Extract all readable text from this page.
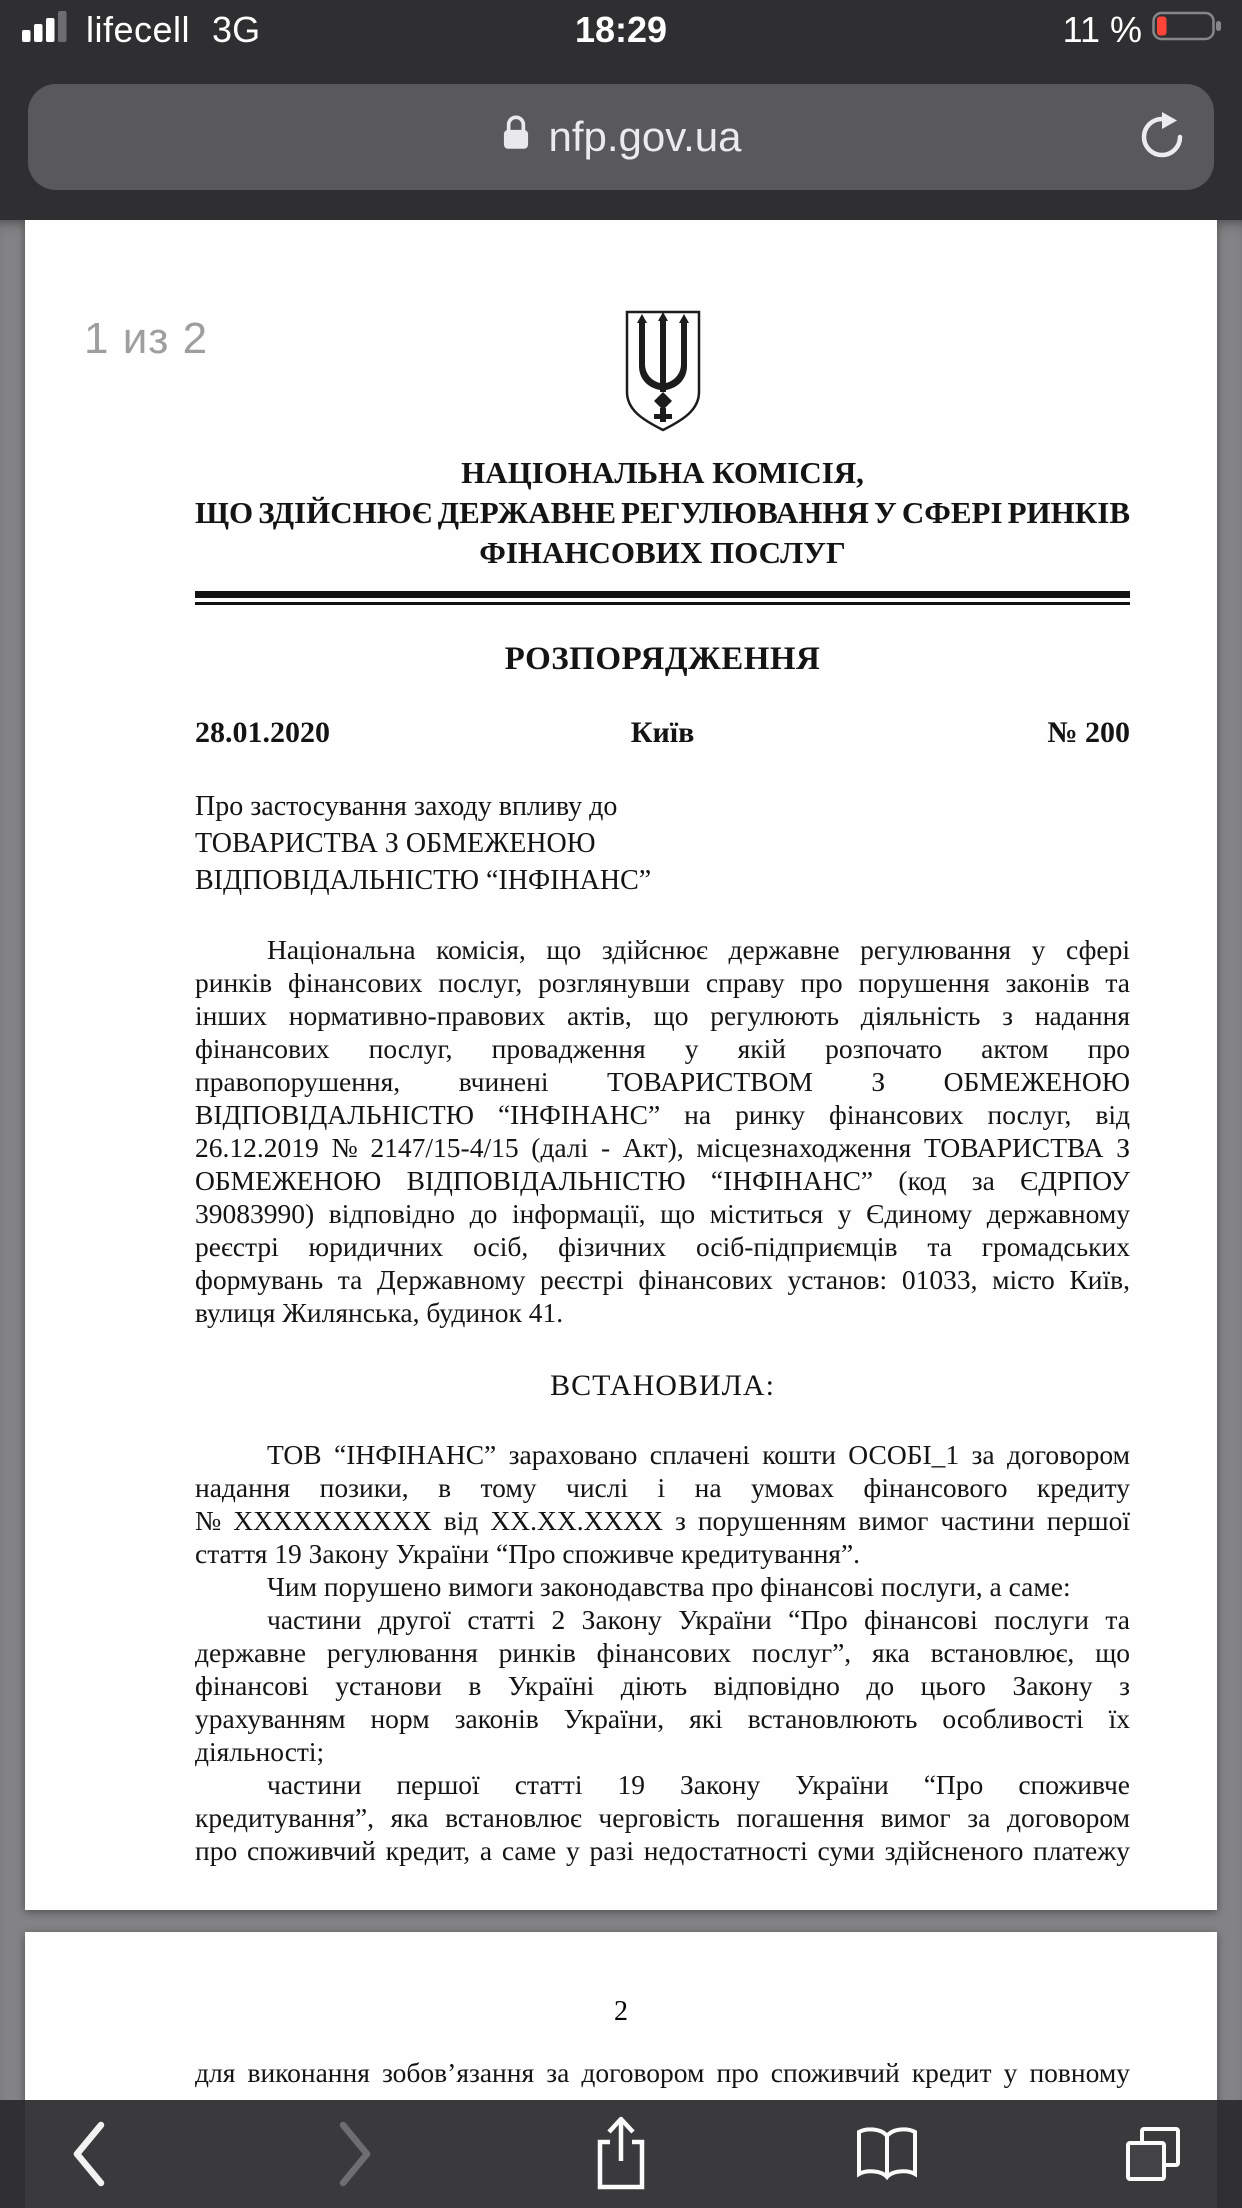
lifecell 3G	18:29	11 %
nfp.gov.ua
1 из 2
НАЦІОНАЛЬНА КОМІСІЯ,
ЩО ЗДІЙСНЮЄ ДЕРЖАВНЕ РЕГУЛЮВАННЯ У СФЕРІ РИНКІВ
ФІНАНСОВИХ ПОСЛУГ
РОЗПОРЯДЖЕННЯ
28.01.2020	Київ	№ 200
Про застосування заходу впливу до
ТОВАРИСТВА З ОБМЕЖЕНОЮ
ВІДПОВІДАЛЬНІСТЮ “ІНФІНАНС”
Національна комісія, що здійснює державне регулювання у сфері
ринків фінансових послуг, розглянувши справу про порушення законів та
інших нормативно-правових актів, що регулюють діяльність з надання
фінансових послуг, провадження у якій розпочато актом про
правопорушення, вчинені ТОВАРИСТВОМ З ОБМЕЖЕНОЮ
ВІДПОВІДАЛЬНІСТЮ “ІНФІНАНС” на ринку фінансових послуг, від
26.12.2019 № 2147/15-4/15 (далі - Акт), місцезнаходження ТОВАРИСТВА З
ОБМЕЖЕНОЮ ВІДПОВІДАЛЬНІСТЮ “ІНФІНАНС” (код за ЄДРПОУ
39083990) відповідно до інформації, що міститься у Єдиному державному
реєстрі юридичних осіб, фізичних осіб-підприємців та громадських
формувань та Державному реєстрі фінансових установ: 01033, місто Київ,
вулиця Жилянська, будинок 41.
ВСТАНОВИЛА:
ТОВ “ІНФІНАНС” зараховано сплачені кошти ОСОБІ_1 за договором
надання позики, в тому числі і на умовах фінансового кредиту
№ ХХХХХХХХХХ від ХХ.ХХ.ХХХХ з порушенням вимог частини першої
стаття 19 Закону України “Про споживче кредитування”.
Чим порушено вимоги законодавства про фінансові послуги, а саме:
частини другої статті 2 Закону України “Про фінансові послуги та
державне регулювання ринків фінансових послуг”, яка встановлює, що
фінансові установи в Україні діють відповідно до цього Закону з
урахуванням норм законів України, які встановлюють особливості їх
діяльності;
частини першої статті 19 Закону України “Про споживче
кредитування”, яка встановлює черговість погашення вимог за договором
про споживчий кредит, а саме у разі недостатності суми здійсненого платежу
2
для виконання зобов’язання за договором про споживчий кредит у повному
